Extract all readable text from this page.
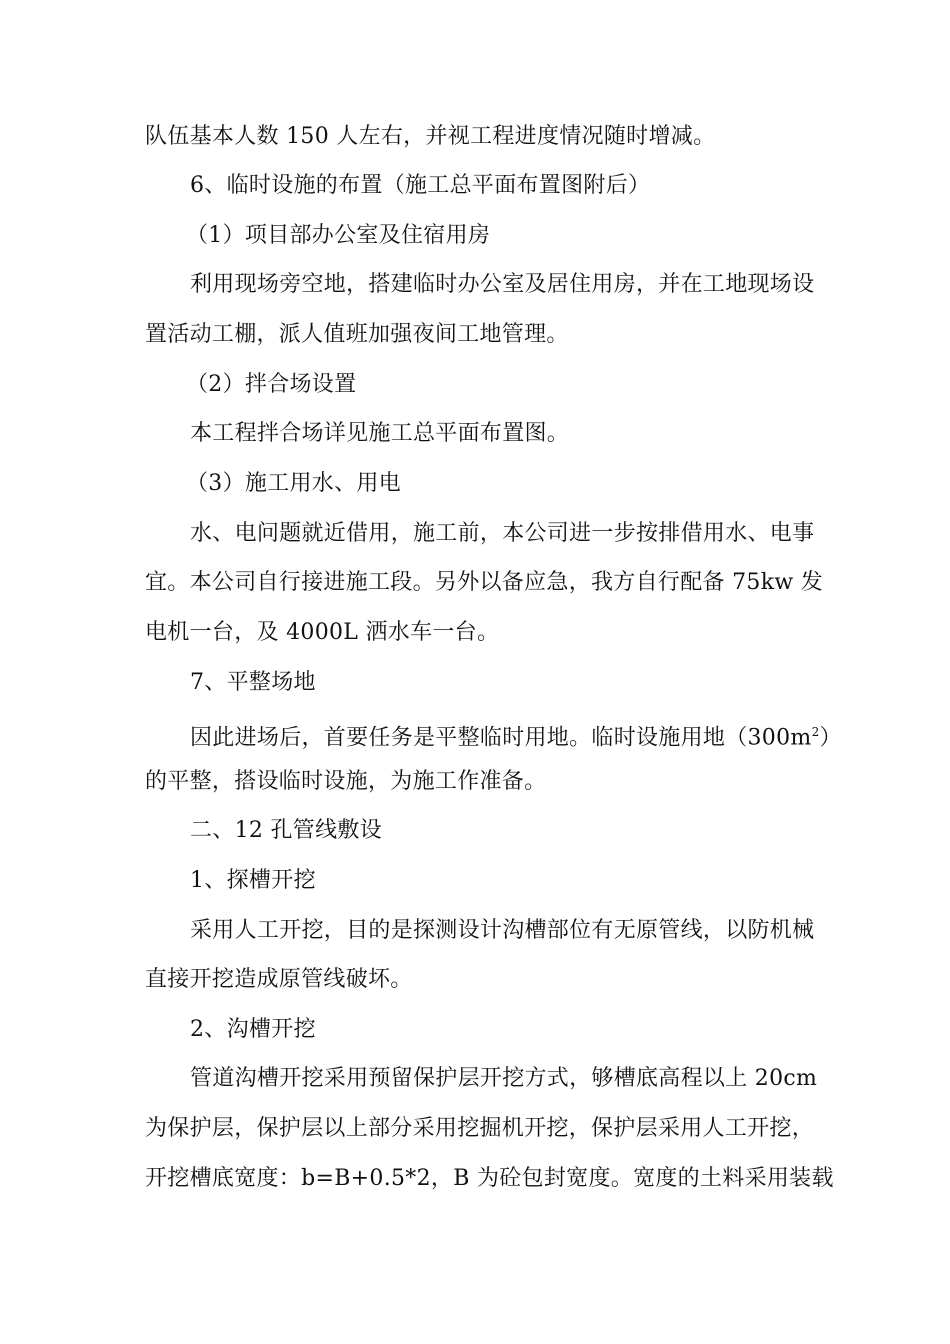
队伍基本人数 150 人左右，并视工程进度情况随时增减。
6、临时设施的布置（施工总平面布置图附后）
（1）项目部办公室及住宿用房
利用现场旁空地，搭建临时办公室及居住用房，并在工地现场设
置活动工棚，派人值班加强夜间工地管理。
（2）拌合场设置
本工程拌合场详见施工总平面布置图。
（3）施工用水、用电
水、电问题就近借用，施工前，本公司进一步按排借用水、电事
宜。本公司自行接进施工段。另外以备应急，我方自行配备 75kw 发
电机一台，及 4000L 洒水车一台。
7、平整场地
因此进场后，首要任务是平整临时用地。临时设施用地$(300m^2)$
的平整，搭设临时设施，为施工作准备。
二、12 孔管线敷设
1、探槽开挖
采用人工开挖，目的是探测设计沟槽部位有无原管线，以防机械
直接开挖造成原管线破坏。
2、沟槽开挖
管道沟槽开挖采用预留保护层开挖方式，够槽底高程以上 20cm
为保护层，保护层以上部分采用挖掘机开挖，保护层采用人工开挖，
开挖槽底宽度：b=B+0.5*2，B 为砼包封宽度。宽度的土料采用装载
